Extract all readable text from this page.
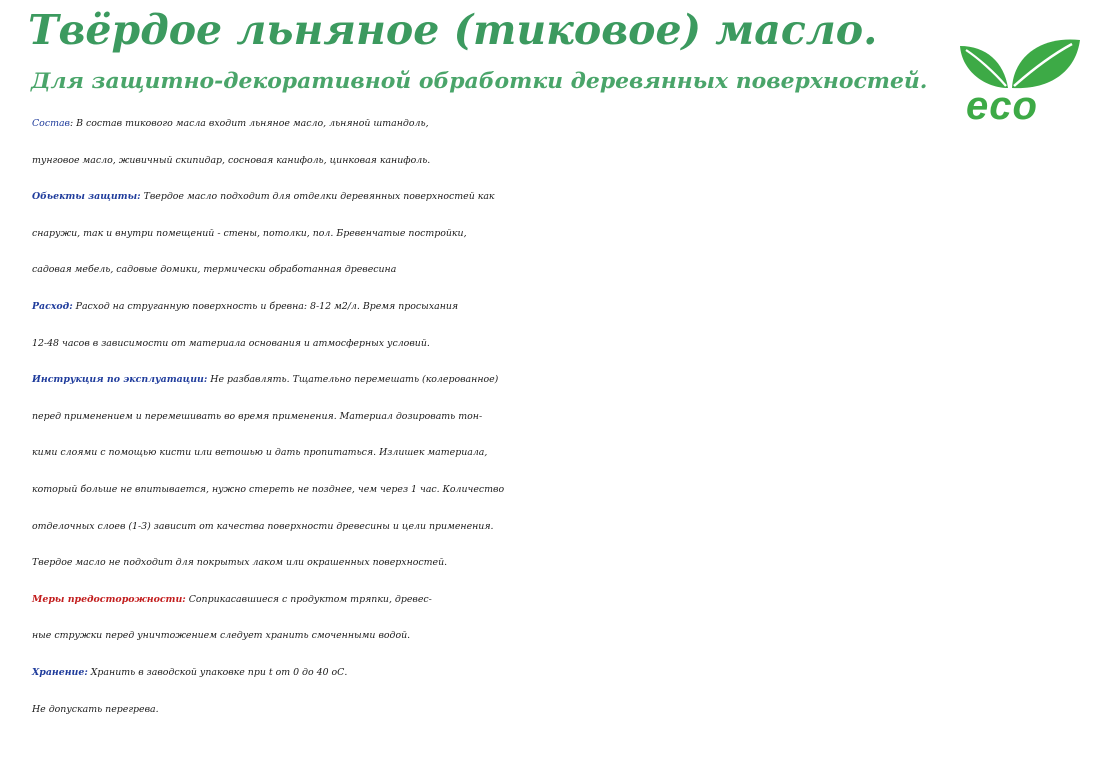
Твёрдое льняное (тиковое) масло.
Для защитно-декоративной обработки деревянных поверхностей.
eco
Состав: В состав тикового масла входит льняное масло, льняной штандоль,
тунговое масло, живичный скипидар, сосновая канифоль, цинковая канифоль.
Обьекты защиты: Твердое масло подходит для отделки деревянных поверхностей как
снаружи, так и внутри помещений - стены, потолки, пол. Бревенчатые постройки,
садовая мебель, садовые домики, термически обработанная древесина
Расход: Расход на струганную поверхность и бревна: 8-12 м2/л. Время просыхания
12-48 часов в зависимости от материала основания и атмосферных условий.
Инструкция по эксплуатации: Не разбавлять. Тщательно перемешать (колерованное)
перед применением и перемешивать во время применения. Материал дозировать тон-
кими слоями с помощью кисти или ветошью и дать пропитаться. Излишек материала,
который больше не впитывается, нужно стереть не позднее, чем через 1 час. Количество
отделочных слоев (1-3) зависит от качества поверхности древесины и цели применения.
Твердое масло не подходит для покрытых лаком или окрашенных поверхностей.
Меры предосторожности: Соприкасавшиеся с продуктом тряпки, древес-
ные стружки перед уничтожением следует хранить смоченными водой.
Хранение: Хранить в заводской упаковке при t от 0 до 40 оС.
Не допускать перегрева.
